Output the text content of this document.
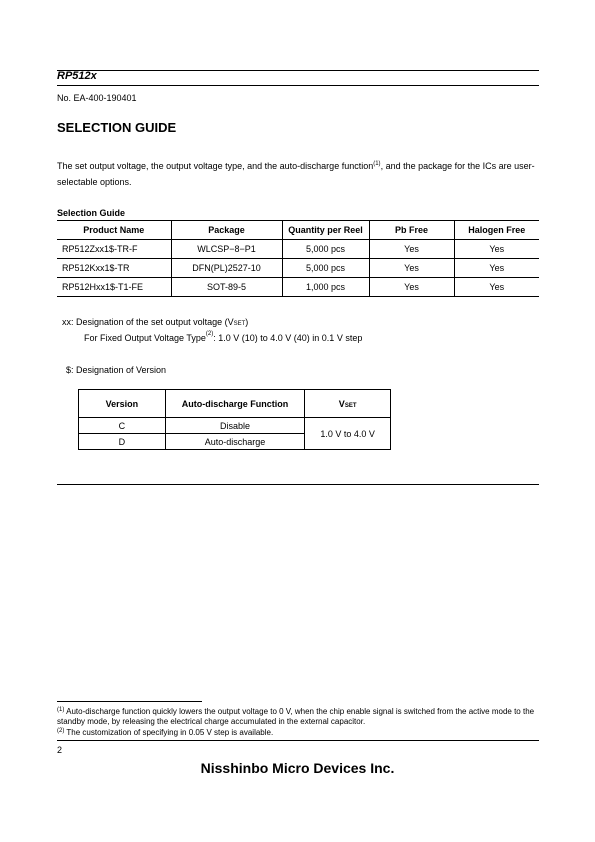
RP512x
No. EA-400-190401
SELECTION GUIDE
The set output voltage, the output voltage type, and the auto-discharge function$^{(1)}$, and the package for the ICs are user-selectable options.
Selection Guide
Product Name	Package	Quantity per Reel	Pb Free	Halogen Free
RP512Zxx1$-TR-F	WLCSP−8−P1	5,000 pcs	Yes	Yes
RP512Kxx1$-TR	DFN(PL)2527-10	5,000 pcs	Yes	Yes
RP512Hxx1$-T1-FE	SOT-89-5	1,000 pcs	Yes	Yes
xx: Designation of the set output voltage (VSET)
For Fixed Output Voltage Type$^{(2)}$: 1.0 V (10) to 4.0 V (40) in 0.1 V step
$: Designation of Version
Version	Auto-discharge Function	VSET
C	Disable	1.0 V to 4.0 V
D	Auto-discharge	
$^{(1)}$ Auto-discharge function quickly lowers the output voltage to 0 V, when the chip enable signal is switched from the active mode to the standby mode, by releasing the electrical charge accumulated in the external capacitor.
$^{(2)}$ The customization of specifying in 0.05 V step is available.
2
Nisshinbo Micro Devices Inc.
